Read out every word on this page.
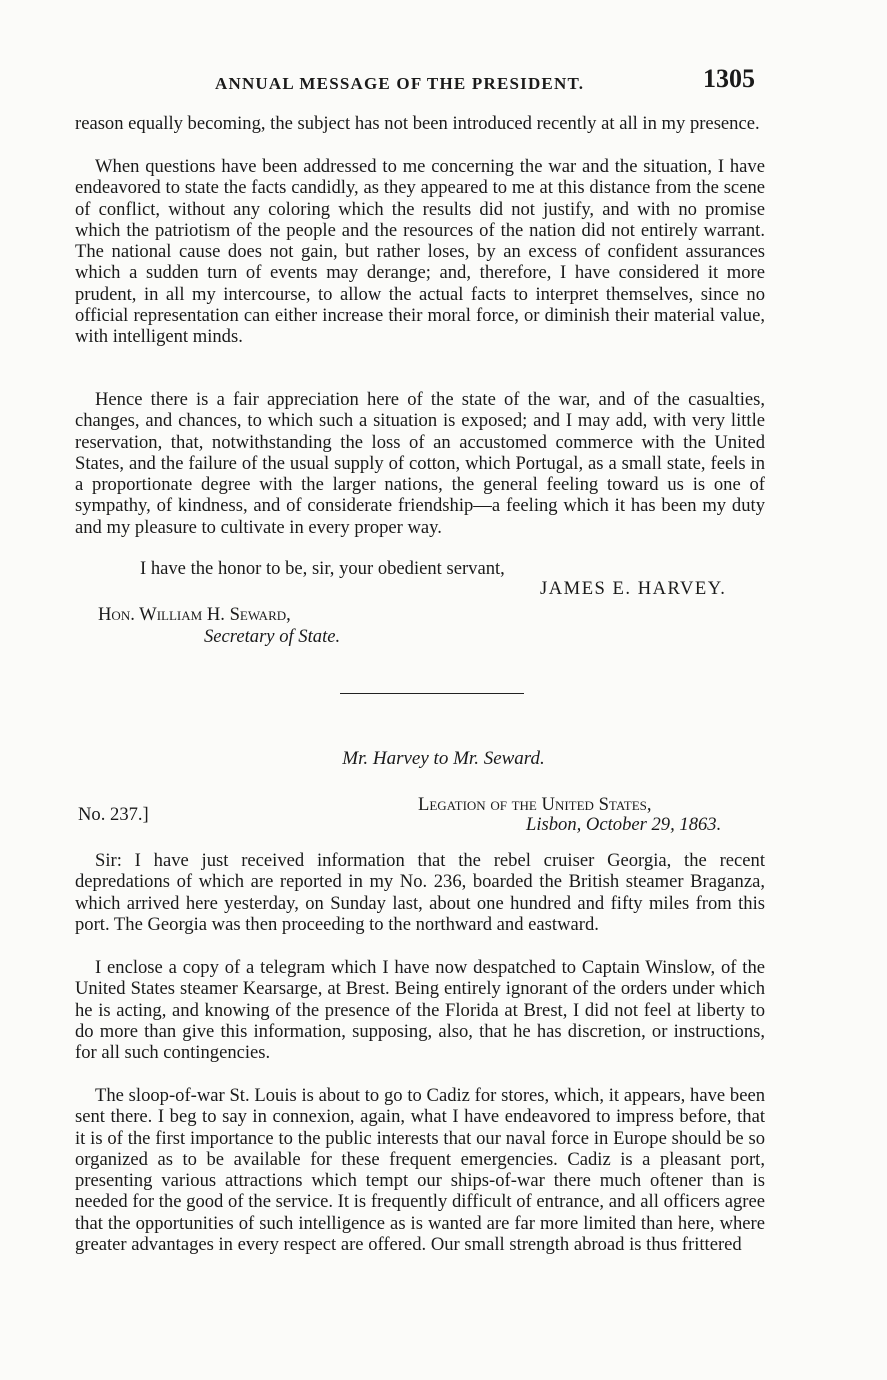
ANNUAL MESSAGE OF THE PRESIDENT.	1305

reason equally becoming, the subject has not been introduced recently at all in my presence.

When questions have been addressed to me concerning the war and the situation, I have endeavored to state the facts candidly, as they appeared to me at this distance from the scene of conflict, without any coloring which the results did not justify, and with no promise which the patriotism of the people and the resources of the nation did not entirely warrant. The national cause does not gain, but rather loses, by an excess of confident assurances which a sudden turn of events may derange; and, therefore, I have considered it more prudent, in all my intercourse, to allow the actual facts to interpret themselves, since no official representation can either increase their moral force, or diminish their material value, with intelligent minds.

Hence there is a fair appreciation here of the state of the war, and of the casualties, changes, and chances, to which such a situation is exposed; and I may add, with very little reservation, that, notwithstanding the loss of an accustomed commerce with the United States, and the failure of the usual supply of cotton, which Portugal, as a small state, feels in a proportionate degree with the larger nations, the general feeling toward us is one of sympathy, of kindness, and of considerate friendship—a feeling which it has been my duty and my pleasure to cultivate in every proper way.

I have the honor to be, sir, your obedient servant,
JAMES E. HARVEY.
Hon. William H. Seward,
Secretary of State.
Mr. Harvey to Mr. Seward.
No. 237.]	Legation of the United States,
Lisbon, October 29, 1863.

Sir: I have just received information that the rebel cruiser Georgia, the recent depredations of which are reported in my No. 236, boarded the British steamer Braganza, which arrived here yesterday, on Sunday last, about one hundred and fifty miles from this port. The Georgia was then proceeding to the northward and eastward.

I enclose a copy of a telegram which I have now despatched to Captain Winslow, of the United States steamer Kearsarge, at Brest. Being entirely ignorant of the orders under which he is acting, and knowing of the presence of the Florida at Brest, I did not feel at liberty to do more than give this information, supposing, also, that he has discretion, or instructions, for all such contingencies.

The sloop-of-war St. Louis is about to go to Cadiz for stores, which, it appears, have been sent there. I beg to say in connexion, again, what I have endeavored to impress before, that it is of the first importance to the public interests that our naval force in Europe should be so organized as to be available for these frequent emergencies. Cadiz is a pleasant port, presenting various attractions which tempt our ships-of-war there much oftener than is needed for the good of the service. It is frequently difficult of entrance, and all officers agree that the opportunities of such intelligence as is wanted are far more limited than here, where greater advantages in every respect are offered. Our small strength abroad is thus frittered
